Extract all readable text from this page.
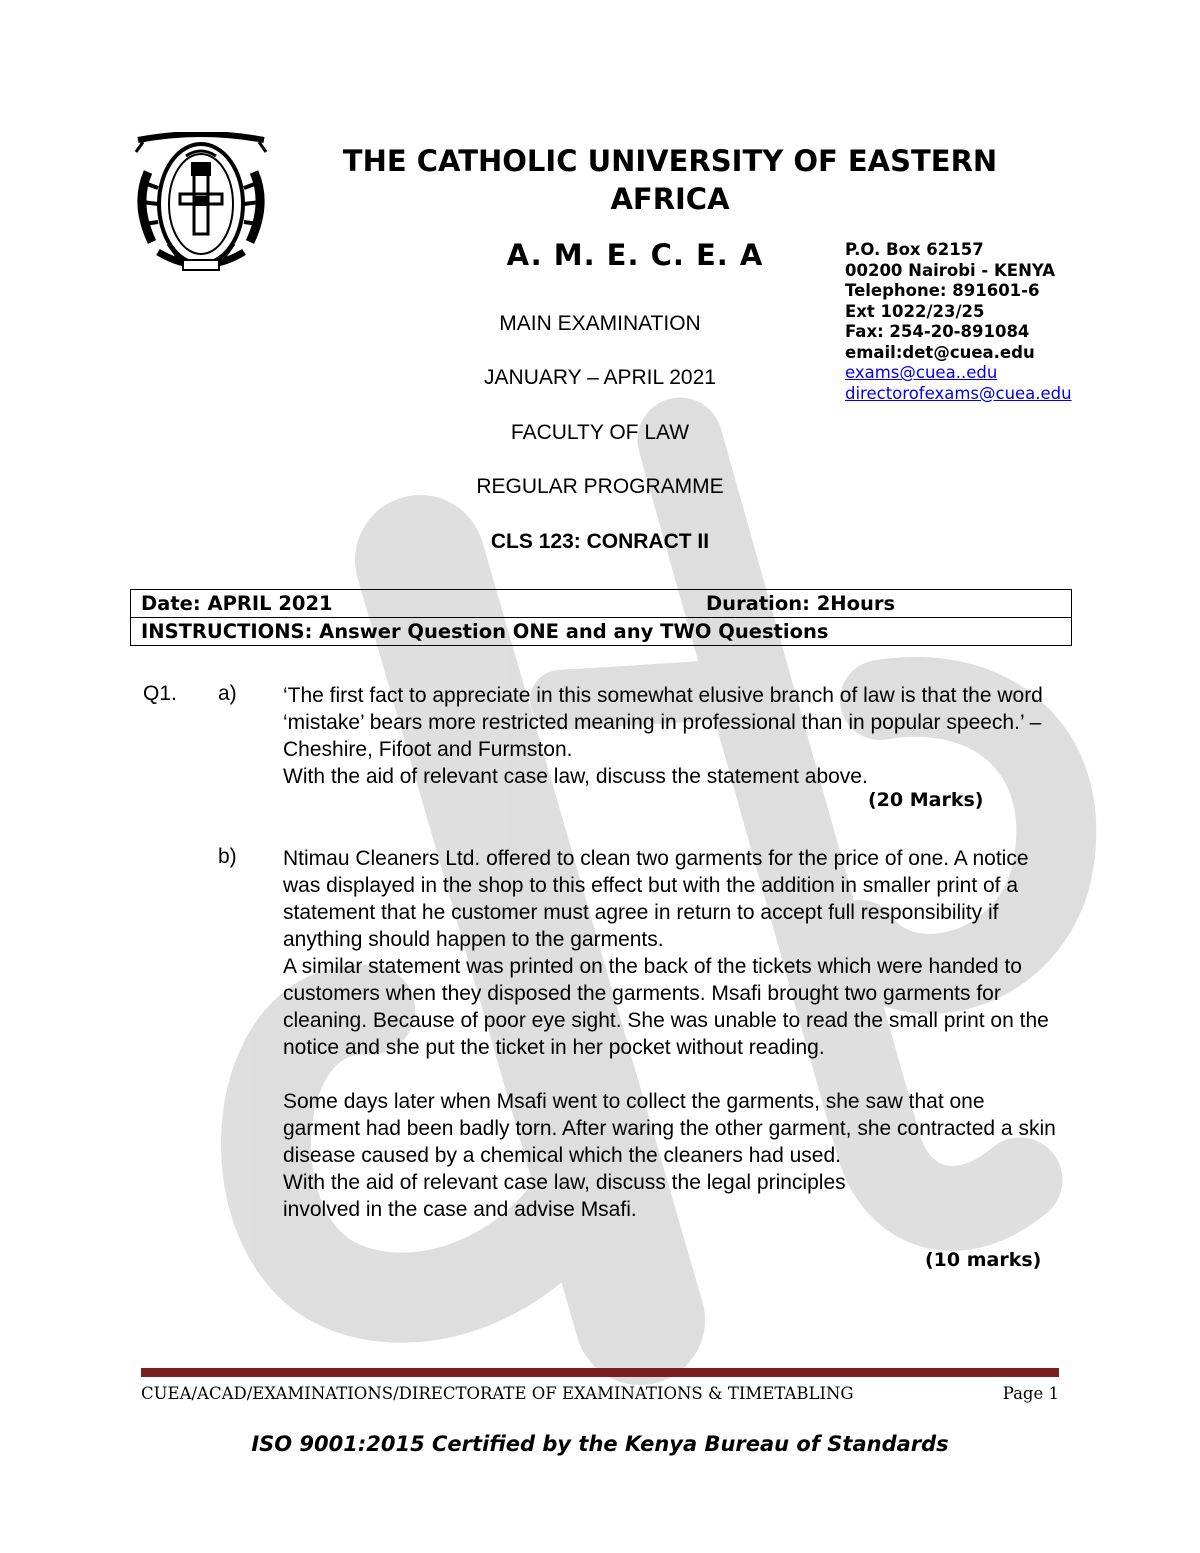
THE CATHOLIC UNIVERSITY OF EASTERN AFRICA
A. M. E. C. E. A
MAIN EXAMINATION
JANUARY – APRIL 2021
FACULTY OF LAW
REGULAR PROGRAMME
CLS 123: CONRACT II
P.O. Box 62157
00200 Nairobi - KENYA
Telephone: 891601-6
Ext 1022/23/25
Fax: 254-20-891084
email:det@cuea.edu
exams@cuea..edu
directorofexams@cuea.edu
Date: APRIL 2021	Duration: 2Hours
INSTRUCTIONS: Answer Question ONE and any TWO Questions
Q1. a) ‘The first fact to appreciate in this somewhat elusive branch of law is that the word ‘mistake’ bears more restricted meaning in professional than in popular speech.’ – Cheshire, Fifoot and Furmston.

With the aid of relevant case law, discuss the statement above.

(20 Marks)
b) Ntimau Cleaners Ltd. offered to clean two garments for the price of one. A notice was displayed in the shop to this effect but with the addition in smaller print of a statement that he customer must agree in return to accept full responsibility if anything should happen to the garments.

A similar statement was printed on the back of the tickets which were handed to customers when they disposed the garments. Msafi brought two garments for cleaning. Because of poor eye sight. She was unable to read the small print on the notice and she put the ticket in her pocket without reading.

Some days later when Msafi went to collect the garments, she saw that one garment had been badly torn. After waring the other garment, she contracted a skin disease caused by a chemical which the cleaners had used.

With the aid of relevant case law, discuss the legal principles involved in the case and advise Msafi.

(10 marks)
CUEA/ACAD/EXAMINATIONS/DIRECTORATE OF EXAMINATIONS & TIMETABLING	Page 1
ISO 9001:2015 Certified by the Kenya Bureau of Standards
